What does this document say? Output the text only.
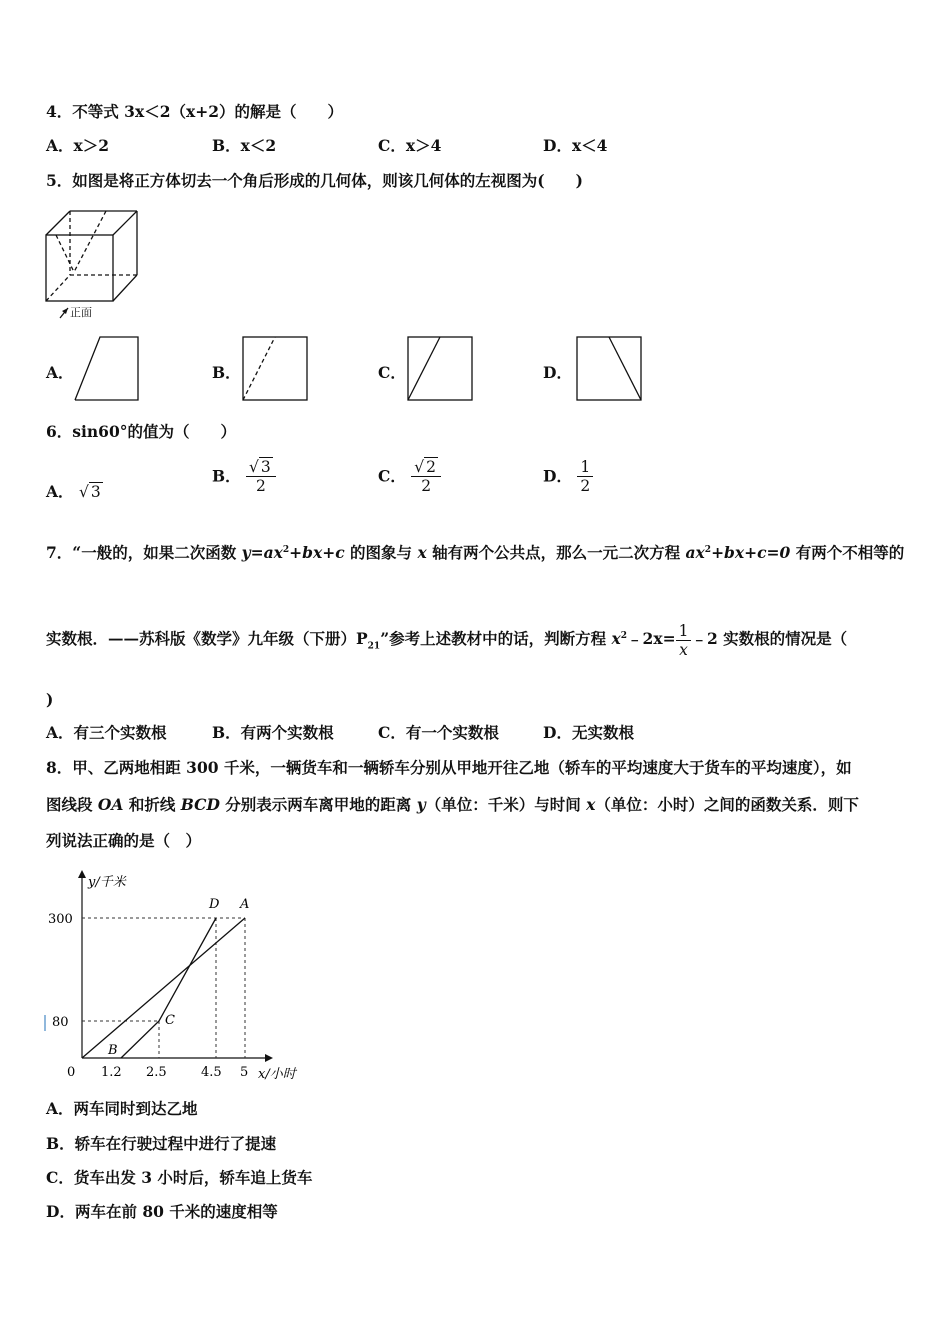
4．不等式 3x＜2（x+2）的解是（　　）
A．x＞2	B．x＜2	C．x＞4	D．x＜4
5．如图是将正方体切去一个角后形成的几何体，则该几何体的左视图为(　　)
正面
A．	B．	C．	D．
6．sin60°的值为（　　）
A． √ 3
B． $\frac{√ 3}{2}$	C． $\frac{√ 2}{2}$	D． $\frac{1}{2}$
7．“一般的，如果二次函数 $y=ax^2+bx+c$ 的图象与 x 轴有两个公共点，那么一元二次方程 $ax^2+bx+c=0$ 有两个不相等的
实数根．——苏科版《数学》九年级（下册）$P_{21}$”参考上述教材中的话，判断方程 $x^2﹣2x= \frac{1}{x}$ ﹣2 实数根的情况是（
)
A．有三个实数根	B．有两个实数根	C．有一个实数根	D．无实数根
8．甲、乙两地相距 300 千米，一辆货车和一辆轿车分别从甲地开往乙地（轿车的平均速度大于货车的平均速度），如
图线段 OA 和折线 BCD 分别表示两车离甲地的距离 y（单位：千米）与时间 x（单位：小时）之间的函数关系．则下
列说法正确的是（　）
y/千米
x/小时
300
80
0 1.2 2.5	4.5 5
D A
C
B
A．两车同时到达乙地
B．轿车在行驶过程中进行了提速
C．货车出发 3 小时后，轿车追上货车
D．两车在前 80 千米的速度相等
